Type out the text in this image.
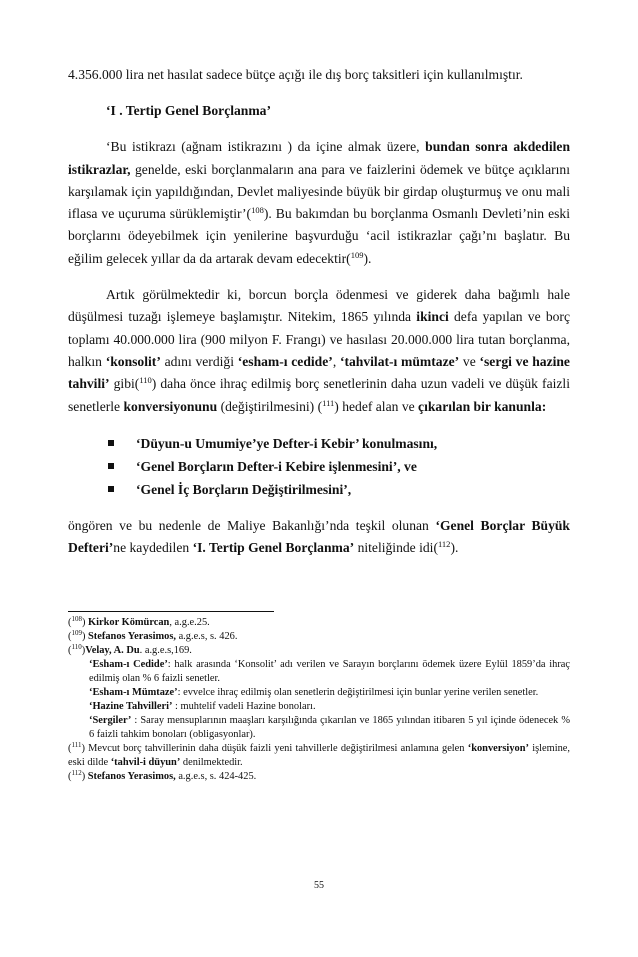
4.356.000 lira net hasılat sadece bütçe açığı ile dış borç taksitleri için kullanılmıştır.

‘I . Tertip Genel Borçlanma’

‘Bu istikrazı (ağnam istikrazını ) da içine almak üzere, bundan sonra akdedilen istikrazlar, genelde, eski borçlanmaların ana para ve faizlerini ödemek ve bütçe açıklarını karşılamak için yapıldığından, Devlet maliyesinde büyük bir girdap oluşturmuş ve onu mali iflasa ve uçuruma sürüklemiştir’($^{108}$). Bu bakımdan bu borçlanma Osmanlı Devleti’nin eski borçlarını ödeyebilmek için yenilerine başvurduğu ‘acil istikrazlar çağı’nı başlatır. Bu eğilim gelecek yıllar da da artarak devam edecektir($^{109}$).

Artık görülmektedir ki, borcun borçla ödenmesi ve giderek daha bağımlı hale düşülmesi tuzağı işlemeye başlamıştır. Nitekim, 1865 yılında ikinci defa yapılan ve borç toplamı 40.000.000 lira (900 milyon F. Frangı) ve hasılası 20.000.000 lira tutan borçlanma, halkın ‘konsolit’ adını verdiği ‘esham-ı cedide’, ‘tahvilat-ı mümtaze’ ve ‘sergi ve hazine tahvili’ gibi($^{110}$) daha önce ihraç edilmiş borç senetlerinin daha uzun vadeli ve düşük faizli senetlerle konversiyonunu (değiştirilmesini) ($^{111}$) hedef alan ve çıkarılan bir kanunla:

‘Düyun-u Umumiye’ye Defter-i Kebir’ konulmasını,
‘Genel Borçların Defter-i Kebire işlenmesini’, ve
‘Genel İç Borçların Değiştirilmesini’,

öngören ve bu nedenle de Maliye Bakanlığı’nda teşkil olunan ‘Genel Borçlar Büyük Defteri’ne kaydedilen ‘I. Tertip Genel Borçlanma’ niteliğinde idi($^{112}$).

($^{108}$) Kirkor Kömürcan, a.g.e.25.

($^{109}$) Stefanos Yerasimos, a.g.e.s, s. 426.

($^{110}$)Velay, A. Du. a.g.e.s,169.

‘Esham-ı Cedide’: halk arasında ‘Konsolit’ adı verilen ve Sarayın borçlarını ödemek üzere Eylül 1859’da ihraç edilmiş olan % 6 faizli senetler.

‘Esham-ı Mümtaze’: evvelce ihraç edilmiş olan senetlerin değiştirilmesi için bunlar yerine verilen senetler.

‘Hazine Tahvilleri’ : muhtelif vadeli Hazine bonoları.

‘Sergiler’ : Saray mensuplarının maaşları karşılığında çıkarılan ve 1865 yılından itibaren 5 yıl içinde ödenecek % 6 faizli tahkim bonoları (obligasyonlar).

($^{111}$) Mevcut borç tahvillerinin daha düşük faizli yeni tahvillerle değiştirilmesi anlamına gelen ‘konversiyon’ işlemine, eski dilde ‘tahvil-i düyun’ denilmektedir.

($^{112}$) Stefanos Yerasimos, a.g.e.s, s. 424-425.

55
